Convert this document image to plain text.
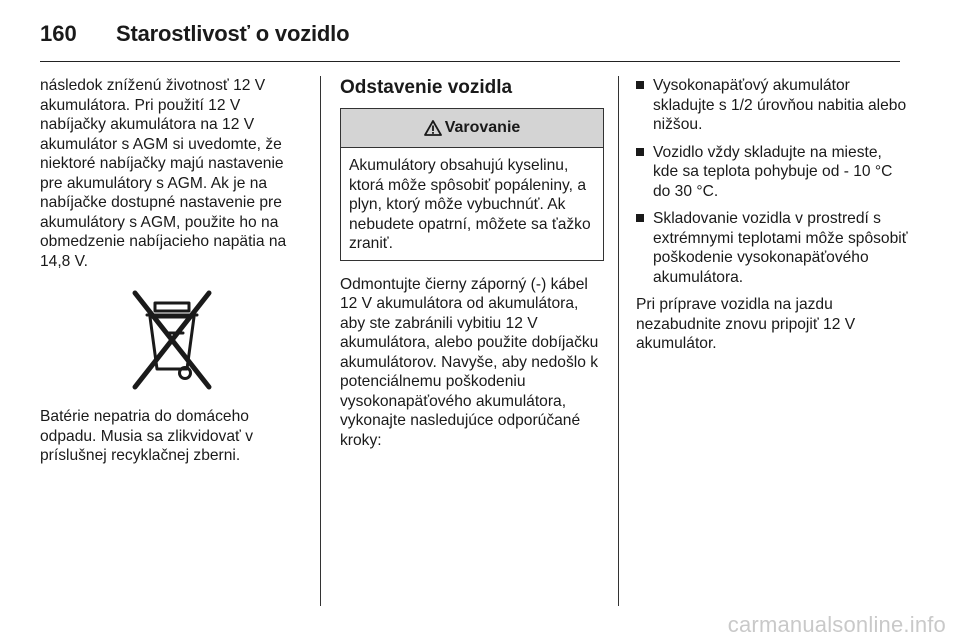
160	Starostlivosť o vozidlo

následok zníženú životnosť 12 V akumulátora. Pri použití 12 V nabíjačky akumulátora na 12 V akumulátor s AGM si uvedomte, že niektoré nabíjačky majú nastavenie pre akumulátory s AGM. Ak je na nabíjačke dostupné nastavenie pre akumulátory s AGM, použite ho na obmedzenie nabíjacieho napätia na 14,8 V.

Batérie nepatria do domáceho odpadu. Musia sa zlikvidovať v príslušnej recyklačnej zberni.

Odstavenie vozidla
Varovanie

Akumulátory obsahujú kyselinu, ktorá môže spôsobiť popáleniny, a plyn, ktorý môže vybuchnúť. Ak nebudete opatrní, môžete sa ťažko zraniť.

Odmontujte čierny záporný (-) kábel 12 V akumulátora od akumulátora, aby ste zabránili vybitiu 12 V akumulátora, alebo použite dobíjačku akumulátorov. Navyše, aby nedošlo k potenciálnemu poškodeniu vysokonapäťového akumulátora, vykonajte nasledujúce odporúčané kroky:

Vysokonapäťový akumulátor skladujte s 1/2 úrovňou nabitia alebo nižšou.
Vozidlo vždy skladujte na mieste, kde sa teplota pohybuje od - 10 °C do 30 °C.
Skladovanie vozidla v prostredí s extrémnymi teplotami môže spôsobiť poškodenie vysokonapäťového akumulátora.

Pri príprave vozidla na jazdu nezabudnite znovu pripojiť 12 V akumulátor.

carmanualsonline.info
